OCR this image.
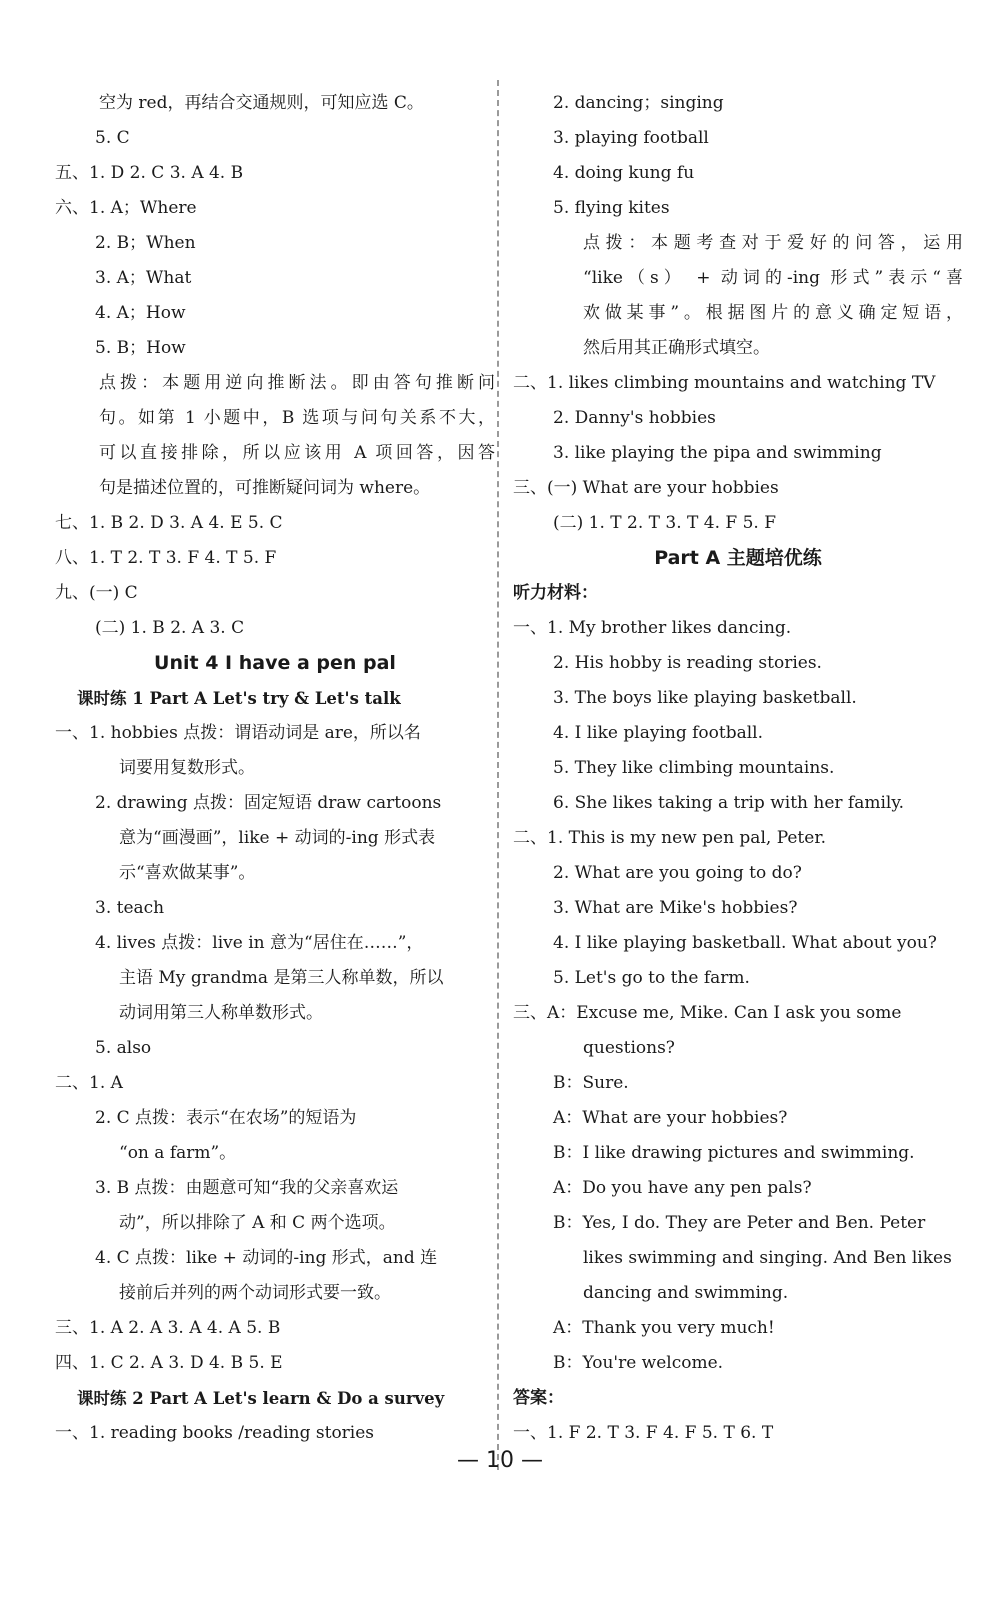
空为 red，再结合交通规则，可知应选 C。
5. C
五、1. D 2. C 3. A 4. B
六、1. A；Where
2. B；When
3. A；What
4. A；How
5. B；How
点拨：本题用逆向推断法。即由答句推断问
句。如第 1 小题中，B 选项与问句关系不大，
可以直接排除，所以应该用 A 项回答，因答
句是描述位置的，可推断疑问词为 where。
七、1. B 2. D 3. A 4. E 5. C
八、1. T 2. T 3. F 4. T 5. F
九、(一) C
(二) 1. B 2. A 3. C
Unit 4 I have a pen pal
课时练 1 Part A Let's try & Let's talk
一、1. hobbies 点拨：谓语动词是 are，所以名
词要用复数形式。
2. drawing 点拨：固定短语 draw cartoons
意为“画漫画”，like + 动词的-ing 形式表
示“喜欢做某事”。
3. teach
4. lives 点拨：live in 意为“居住在……”，
主语 My grandma 是第三人称单数，所以
动词用第三人称单数形式。
5. also
二、1. A
2. C 点拨：表示“在农场”的短语为
“on a farm”。
3. B 点拨：由题意可知“我的父亲喜欢运
动”，所以排除了 A 和 C 两个选项。
4. C 点拨：like + 动词的-ing 形式，and 连
接前后并列的两个动词形式要一致。
三、1. A 2. A 3. A 4. A 5. B
四、1. C 2. A 3. D 4. B 5. E
课时练 2 Part A Let's learn & Do a survey
一、1. reading books /reading stories
2. dancing；singing
3. playing football
4. doing kung fu
5. flying kites
点拨：本题考查对于爱好的问答，运用
“like（s） + 动词的-ing 形式”表示“喜
欢做某事”。根据图片的意义确定短语，
然后用其正确形式填空。
二、1. likes climbing mountains and watching TV
2. Danny's hobbies
3. like playing the pipa and swimming
三、(一) What are your hobbies
(二) 1. T 2. T 3. T 4. F 5. F
Part A 主题培优练
听力材料：
一、1. My brother likes dancing.
2. His hobby is reading stories.
3. The boys like playing basketball.
4. I like playing football.
5. They like climbing mountains.
6. She likes taking a trip with her family.
二、1. This is my new pen pal, Peter.
2. What are you going to do?
3. What are Mike's hobbies?
4. I like playing basketball. What about you?
5. Let's go to the farm.
三、A：Excuse me, Mike. Can I ask you some
questions?
B：Sure.
A：What are your hobbies?
B：I like drawing pictures and swimming.
A：Do you have any pen pals?
B：Yes, I do. They are Peter and Ben. Peter
likes swimming and singing. And Ben likes
dancing and swimming.
A：Thank you very much!
B：You're welcome.
答案：
一、1. F 2. T 3. F 4. F 5. T 6. T
— 10 —
